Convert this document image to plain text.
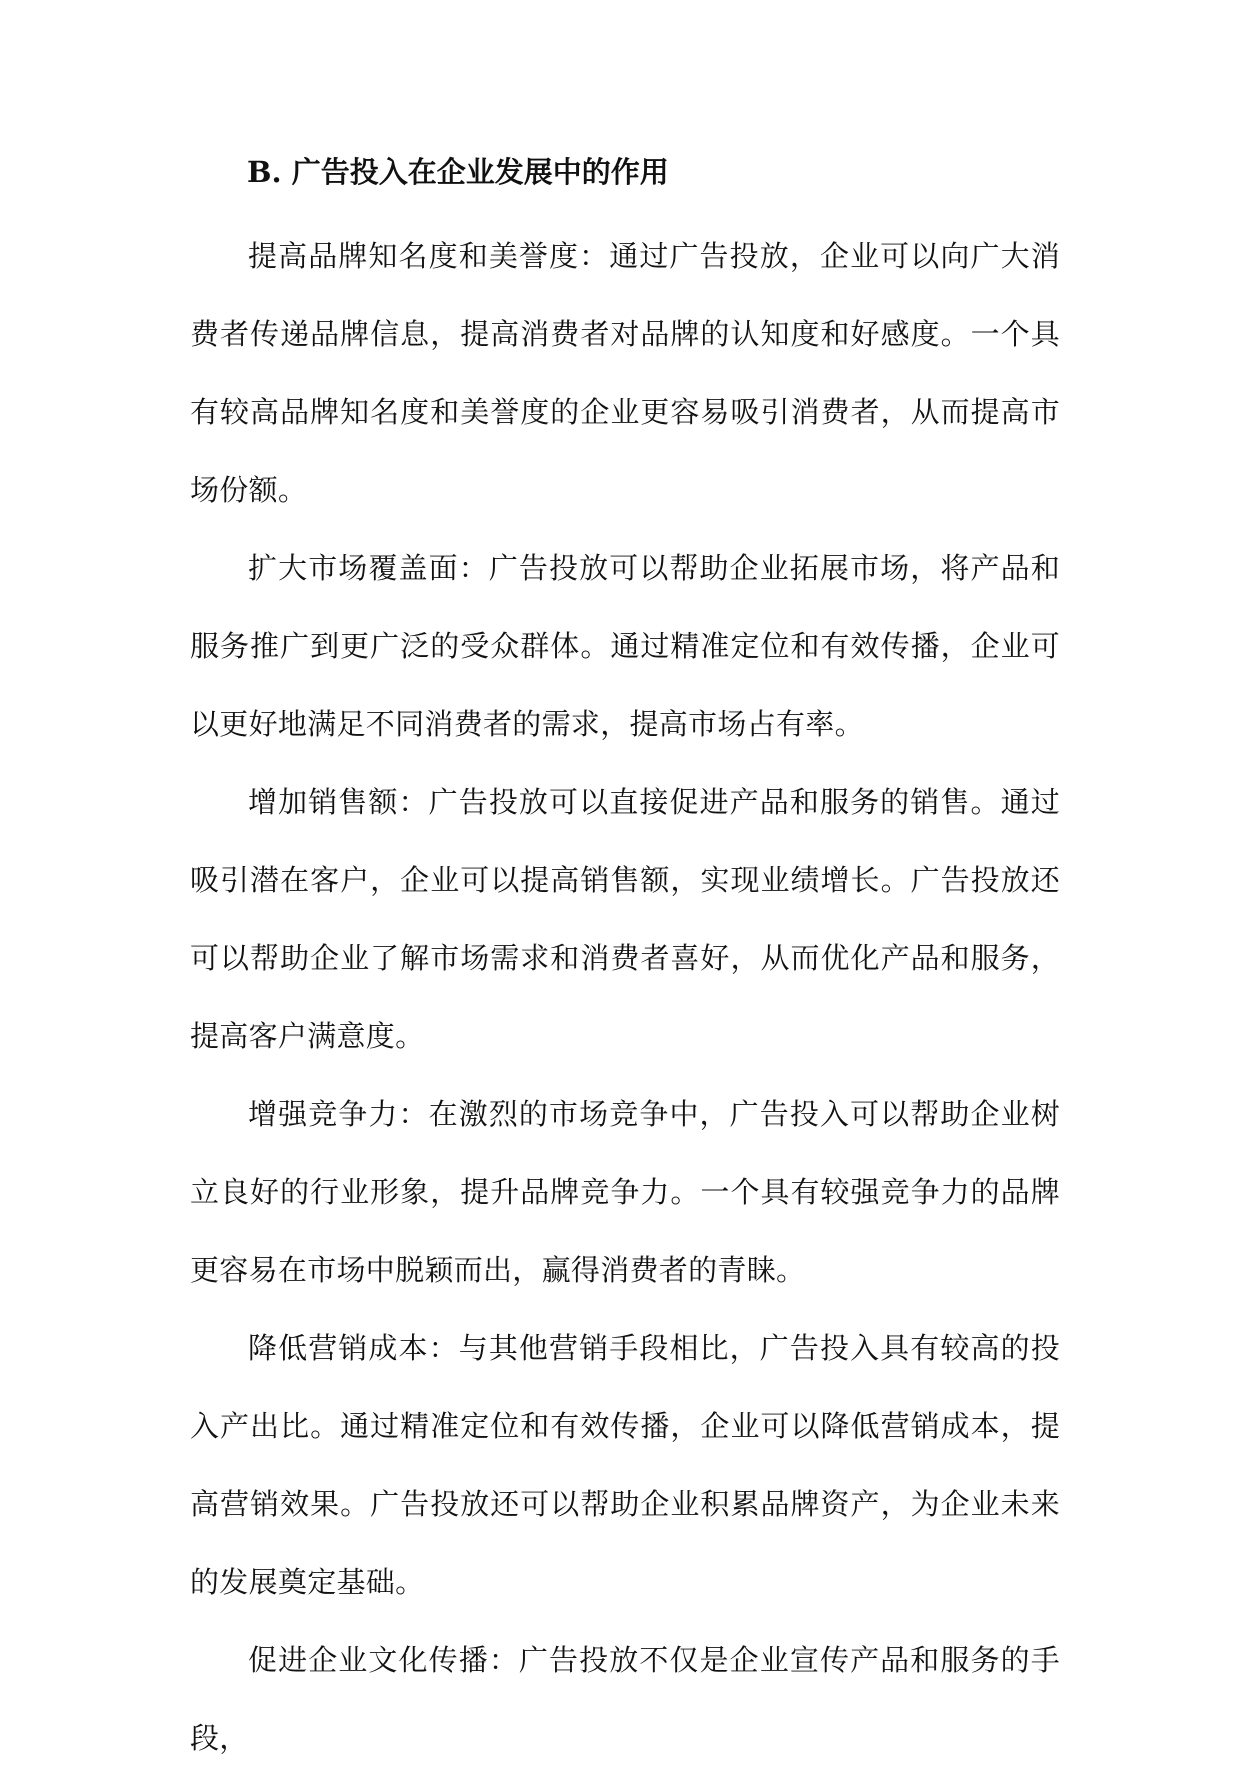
B. 广告投入在企业发展中的作用

提高品牌知名度和美誉度：通过广告投放，企业可以向广大消费者传递品牌信息，提高消费者对品牌的认知度和好感度。一个具有较高品牌知名度和美誉度的企业更容易吸引消费者，从而提高市场份额。

扩大市场覆盖面：广告投放可以帮助企业拓展市场，将产品和服务推广到更广泛的受众群体。通过精准定位和有效传播，企业可以更好地满足不同消费者的需求，提高市场占有率。

增加销售额：广告投放可以直接促进产品和服务的销售。通过吸引潜在客户，企业可以提高销售额，实现业绩增长。广告投放还可以帮助企业了解市场需求和消费者喜好，从而优化产品和服务，提高客户满意度。

增强竞争力：在激烈的市场竞争中，广告投入可以帮助企业树立良好的行业形象，提升品牌竞争力。一个具有较强竞争力的品牌更容易在市场中脱颖而出，赢得消费者的青睐。

降低营销成本：与其他营销手段相比，广告投入具有较高的投入产出比。通过精准定位和有效传播，企业可以降低营销成本，提高营销效果。广告投放还可以帮助企业积累品牌资产，为企业未来的发展奠定基础。

促进企业文化传播：广告投放不仅是企业宣传产品和服务的手段，
